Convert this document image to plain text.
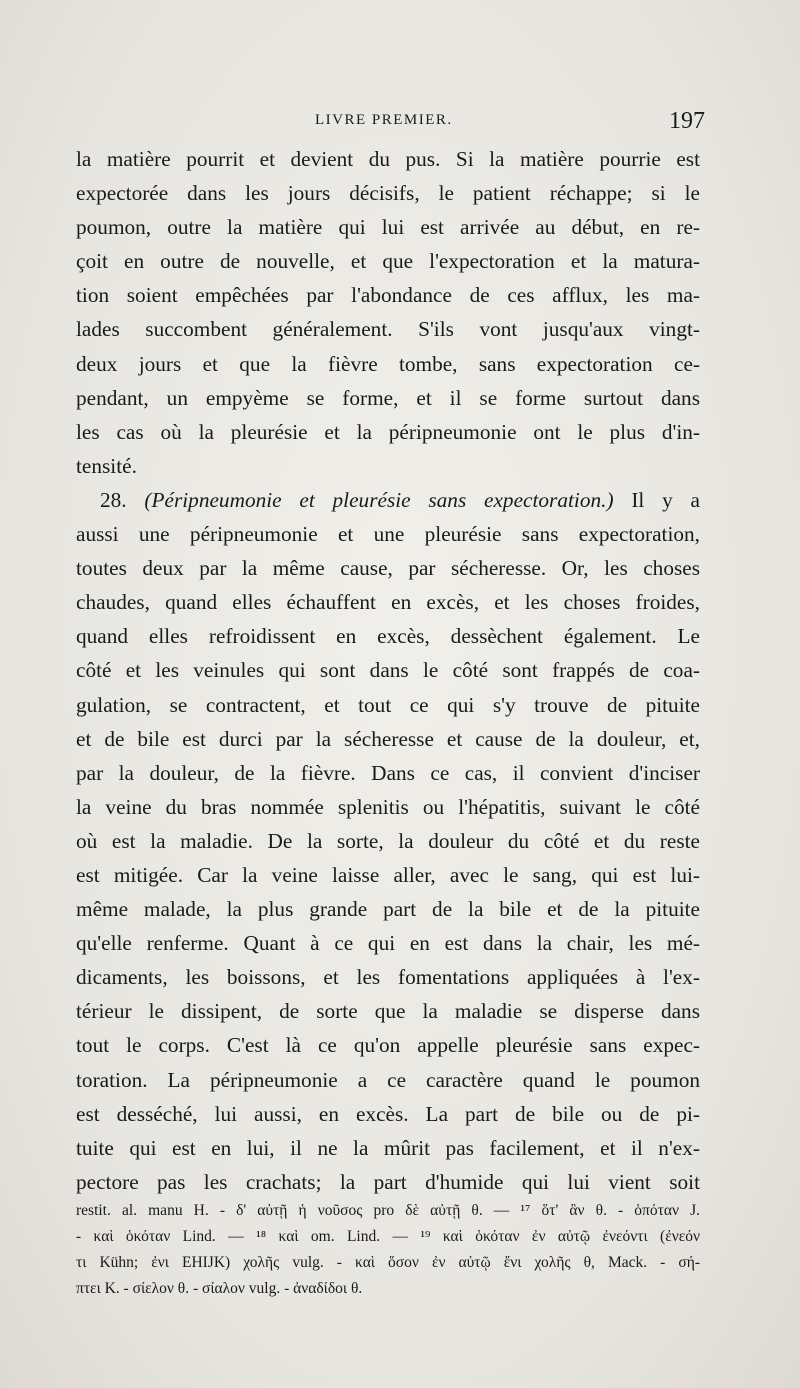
LIVRE PREMIER.	197
la matière pourrit et devient du pus. Si la matière pourrie est
expectorée dans les jours décisifs, le patient réchappe; si le
poumon, outre la matière qui lui est arrivée au début, en re-
çoit en outre de nouvelle, et que l'expectoration et la matura-
tion soient empêchées par l'abondance de ces afflux, les ma-
lades succombent généralement. S'ils vont jusqu'aux vingt-
deux jours et que la fièvre tombe, sans expectoration ce-
pendant, un empyème se forme, et il se forme surtout dans
les cas où la pleurésie et la péripneumonie ont le plus d'in-
tensité.
28. (Péripneumonie et pleurésie sans expectoration.) Il y a
aussi une péripneumonie et une pleurésie sans expectoration,
toutes deux par la même cause, par sécheresse. Or, les choses
chaudes, quand elles échauffent en excès, et les choses froides,
quand elles refroidissent en excès, dessèchent également. Le
côté et les veinules qui sont dans le côté sont frappés de coa-
gulation, se contractent, et tout ce qui s'y trouve de pituite
et de bile est durci par la sécheresse et cause de la douleur, et,
par la douleur, de la fièvre. Dans ce cas, il convient d'inciser
la veine du bras nommée splenitis ou l'hépatitis, suivant le côté
où est la maladie. De la sorte, la douleur du côté et du reste
est mitigée. Car la veine laisse aller, avec le sang, qui est lui-
même malade, la plus grande part de la bile et de la pituite
qu'elle renferme. Quant à ce qui en est dans la chair, les mé-
dicaments, les boissons, et les fomentations appliquées à l'ex-
térieur le dissipent, de sorte que la maladie se disperse dans
tout le corps. C'est là ce qu'on appelle pleurésie sans expec-
toration. La péripneumonie a ce caractère quand le poumon
est desséché, lui aussi, en excès. La part de bile ou de pi-
tuite qui est en lui, il ne la mûrit pas facilement, et il n'ex-
pectore pas les crachats; la part d'humide qui lui vient soit
restit. al. manu H. - δ' αὐτῇ ἡ νοῦσος pro δὲ αὐτῇ θ. — ¹⁷ ὅτ' ἂν θ. - ὁπόταν J.
- καὶ ὁκόταν Lind. — ¹⁸ καὶ om. Lind. — ¹⁹ καὶ ὁκόταν ἐν αὐτῷ ἐνεόντι (ἐνεόν
τι Kühn; ἐνι EHIJK) χολῆς vulg. - καὶ ὅσον ἐν αὐτῷ ἔνι χολῆς θ, Mack. - σή-
πτει K. - σίελον θ. - σίαλον vulg. - ἀναδίδοι θ.
